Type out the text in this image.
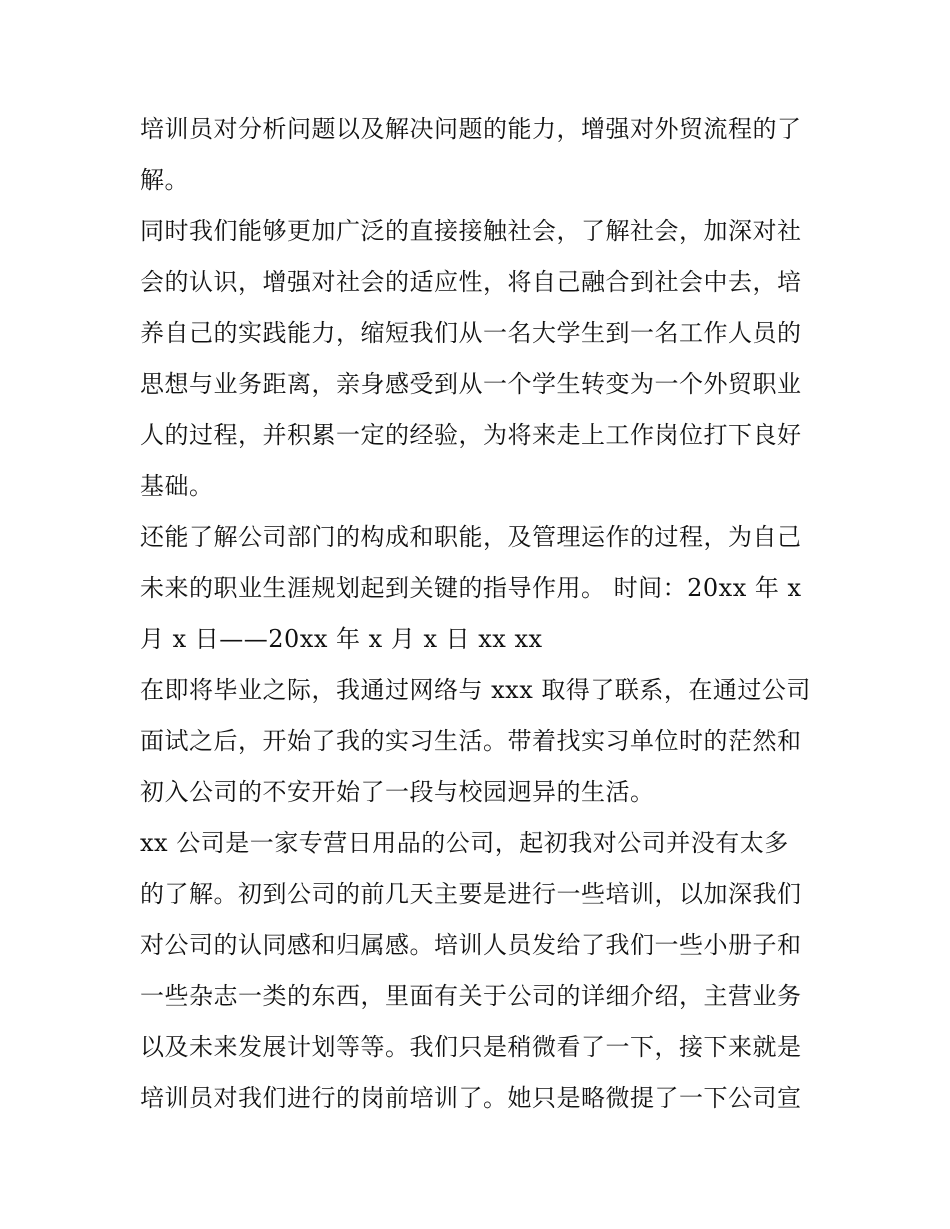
培训员对分析问题以及解决问题的能力，增强对外贸流程的了
解。
同时我们能够更加广泛的直接接触社会，了解社会，加深对社
会的认识，增强对社会的适应性，将自己融合到社会中去，培
养自己的实践能力，缩短我们从一名大学生到一名工作人员的
思想与业务距离，亲身感受到从一个学生转变为一个外贸职业
人的过程，并积累一定的经验，为将来走上工作岗位打下良好
基础。
还能了解公司部门的构成和职能，及管理运作的过程，为自己
未来的职业生涯规划起到关键的指导作用。 时间：20xx 年 x
月 x 日——20xx 年 x 月 x 日 xx xx
在即将毕业之际，我通过网络与 xxx 取得了联系，在通过公司
面试之后，开始了我的实习生活。带着找实习单位时的茫然和
初入公司的不安开始了一段与校园迥异的生活。
xx 公司是一家专营日用品的公司，起初我对公司并没有太多
的了解。初到公司的前几天主要是进行一些培训，以加深我们
对公司的认同感和归属感。培训人员发给了我们一些小册子和
一些杂志一类的东西，里面有关于公司的详细介绍，主营业务
以及未来发展计划等等。我们只是稍微看了一下，接下来就是
培训员对我们进行的岗前培训了。她只是略微提了一下公司宣
